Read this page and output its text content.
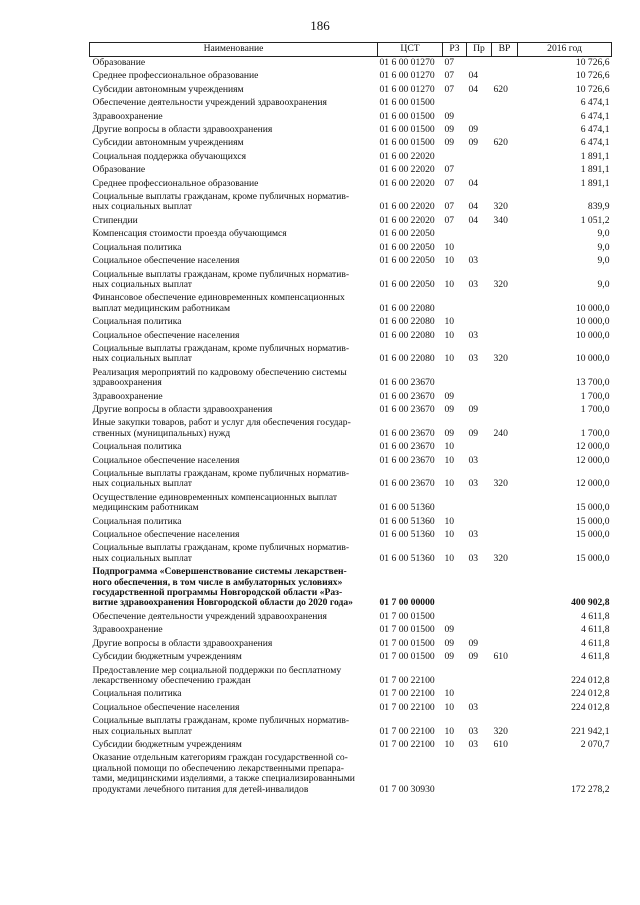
186
Наименование	ЦСТ	РЗ	Пр	ВР	2016 год
Образование	01 6 00 01270	07			10 726,6
Среднее профессиональное образование	01 6 00 01270	07	04		10 726,6
Субсидии автономным учреждениям	01 6 00 01270	07	04	620	10 726,6
Обеспечение деятельности учреждений здравоохранения	01 6 00 01500				6 474,1
Здравоохранение	01 6 00 01500	09			6 474,1
Другие вопросы в области здравоохранения	01 6 00 01500	09	09		6 474,1
Субсидии автономным учреждениям	01 6 00 01500	09	09	620	6 474,1
Социальная поддержка обучающихся	01 6 00 22020				1 891,1
Образование	01 6 00 22020	07			1 891,1
Среднее профессиональное образование	01 6 00 22020	07	04		1 891,1
Социальные выплаты гражданам, кроме публичных норматив-
ных социальных выплат	01 6 00 22020	07	04	320	839,9
Стипендии	01 6 00 22020	07	04	340	1 051,2
Компенсация стоимости проезда обучающимся	01 6 00 22050				9,0
Социальная политика	01 6 00 22050	10			9,0
Социальное обеспечение населения	01 6 00 22050	10	03		9,0
Социальные выплаты гражданам, кроме публичных норматив-
ных социальных выплат	01 6 00 22050	10	03	320	9,0
Финансовое обеспечение единовременных компенсационных
выплат медицинским работникам	01 6 00 22080				10 000,0
Социальная политика	01 6 00 22080	10			10 000,0
Социальное обеспечение населения	01 6 00 22080	10	03		10 000,0
Социальные выплаты гражданам, кроме публичных норматив-
ных социальных выплат	01 6 00 22080	10	03	320	10 000,0
Реализация мероприятий по кадровому обеспечению системы
здравоохранения	01 6 00 23670				13 700,0
Здравоохранение	01 6 00 23670	09			1 700,0
Другие вопросы в области здравоохранения	01 6 00 23670	09	09		1 700,0
Иные закупки товаров, работ и услуг для обеспечения государ-
ственных (муниципальных) нужд	01 6 00 23670	09	09	240	1 700,0
Социальная политика	01 6 00 23670	10			12 000,0
Социальное обеспечение населения	01 6 00 23670	10	03		12 000,0
Социальные выплаты гражданам, кроме публичных норматив-
ных социальных выплат	01 6 00 23670	10	03	320	12 000,0
Осуществление единовременных компенсационных выплат
медицинским работникам	01 6 00 51360				15 000,0
Социальная политика	01 6 00 51360	10			15 000,0
Социальное обеспечение населения	01 6 00 51360	10	03		15 000,0
Социальные выплаты гражданам, кроме публичных норматив-
ных социальных выплат	01 6 00 51360	10	03	320	15 000,0
Подпрограмма «Совершенствование системы лекарствен-
ного обеспечения, в том числе в амбулаторных условиях»
государственной программы Новгородской области «Раз-
витие здравоохранения Новгородской области до 2020 года»	01 7 00 00000				400 902,8
Обеспечение деятельности учреждений здравоохранения	01 7 00 01500				4 611,8
Здравоохранение	01 7 00 01500	09			4 611,8
Другие вопросы в области здравоохранения	01 7 00 01500	09	09		4 611,8
Субсидии бюджетным учреждениям	01 7 00 01500	09	09	610	4 611,8
Предоставление мер социальной поддержки по бесплатному
лекарственному обеспечению граждан	01 7 00 22100				224 012,8
Социальная политика	01 7 00 22100	10			224 012,8
Социальное обеспечение населения	01 7 00 22100	10	03		224 012,8
Социальные выплаты гражданам, кроме публичных норматив-
ных социальных выплат	01 7 00 22100	10	03	320	221 942,1
Субсидии бюджетным учреждениям	01 7 00 22100	10	03	610	2 070,7
Оказание отдельным категориям граждан государственной со-
циальной помощи по обеспечению лекарственными препара-
тами, медицинскими изделиями, а также специализированными
продуктами лечебного питания для детей-инвалидов	01 7 00 30930				172 278,2
